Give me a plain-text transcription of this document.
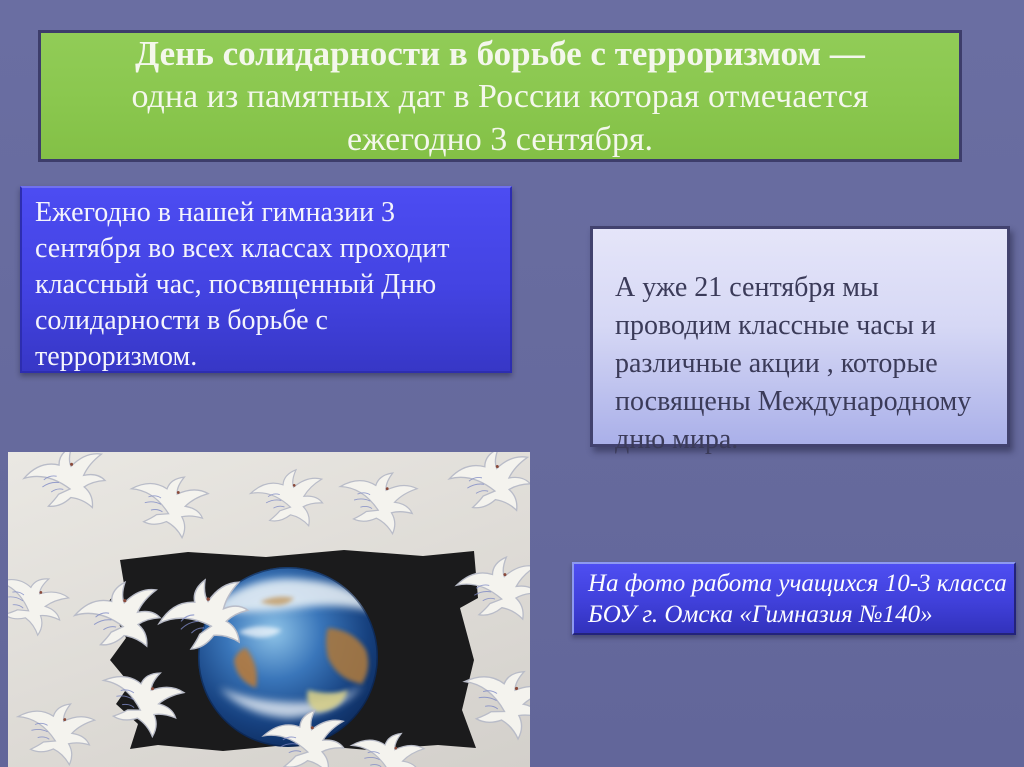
День солидарности в борьбе с терроризмом —
одна из памятных дат в России которая отмечается
ежегодно 3 сентября.
Ежегодно в нашей гимназии 3
сентября во всех классах проходит
классный час, посвященный Дню
солидарности в борьбе с
терроризмом.
А уже 21 сентября мы
проводим классные часы и
различные акции , которые
посвящены Международному
дню мира.
На фото работа учащихся 10-3 класса
БОУ г. Омска «Гимназия №140»
